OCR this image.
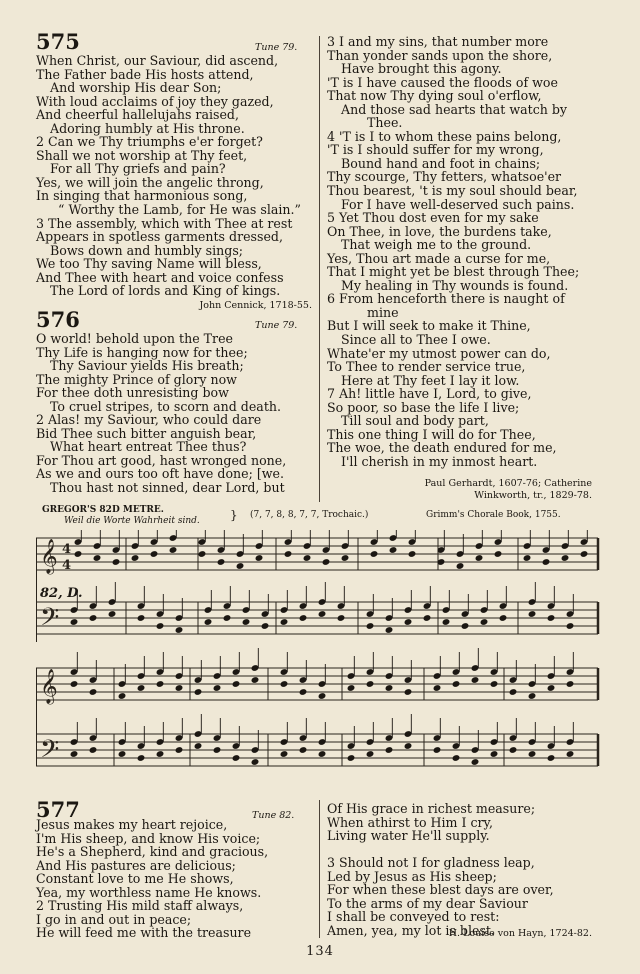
575
When Christ, our Saviour, did ascend,
The Father bade His hosts attend,
And worship His dear Son;
With loud acclaims of joy they gazed,
And cheerful hallelujahs raised,
Adoring humbly at His throne.
2 Can we Thy triumphs e'er forget?
Shall we not worship at Thy feet,
For all Thy griefs and pain?
Yes, we will join the angelic throng,
In singing that harmonious song,
“ Worthy the Lamb, for He was slain.”
3 The assembly, which with Thee at rest
Appears in spotless garments dressed,
Bows down and humbly sings;
We too Thy saving Name will bless,
And Thee with heart and voice confess
The Lord of lords and King of kings.
Tune 79.
John Cennick, 1718-55.
576
O world! behold upon the Tree
Thy Life is hanging now for thee;
Thy Saviour yields His breath;
The mighty Prince of glory now
For thee doth unresisting bow
To cruel stripes, to scorn and death.
2 Alas! my Saviour, who could dare
Bid Thee such bitter anguish bear,
What heart entreat Thee thus?
For Thou art good, hast wronged none,
As we and ours too oft have done; [we.
Thou hast not sinned, dear Lord, but
Tune 79.
3 I and my sins, that number more
Than yonder sands upon the shore,
Have brought this agony.
'T is I have caused the floods of woe
That now Thy dying soul o'erflow,
And those sad hearts that watch by
Thee.
4 'T is I to whom these pains belong,
'T is I should suffer for my wrong,
Bound hand and foot in chains;
Thy scourge, Thy fetters, whatsoe'er
Thou bearest, 't is my soul should bear,
For I have well-deserved such pains.
5 Yet Thou dost even for my sake
On Thee, in love, the burdens take,
That weigh me to the ground.
Yes, Thou art made a curse for me,
That I might yet be blest through Thee;
My healing in Thy wounds is found.
6 From henceforth there is naught of
mine
But I will seek to make it Thine,
Since all to Thee I owe.
Whate'er my utmost power can do,
To Thee to render service true,
Here at Thy feet I lay it low.
7 Ah! little have I, Lord, to give,
So poor, so base the life I live;
Till soul and body part,
This one thing I will do for Thee,
The woe, the death endured for me,
I'll cherish in my inmost heart.
Paul Gerhardt, 1607-76; Catherine
Winkworth, tr., 1829-78.
GREGOR'S 82D METRE.
Weil die Worte Wahrheit sind.	} (7, 7, 8, 8, 7, 7, Trochaic.)	Grimm's Chorale Book, 1755.
82, D.
𝄞 4
4
𝄢
𝄞
𝄢
577	Tune 82.
Jesus makes my heart rejoice,
I'm His sheep, and know His voice;
He's a Shepherd, kind and gracious,
And His pastures are delicious;
Constant love to me He shows,
Yea, my worthless name He knows.
2 Trusting His mild staff always,
I go in and out in peace;
He will feed me with the treasure
Of His grace in richest measure;
When athirst to Him I cry,
Living water He'll supply.

3 Should not I for gladness leap,
Led by Jesus as His sheep;
For when these blest days are over,
To the arms of my dear Saviour
I shall be conveyed to rest:
Amen, yea, my lot is blest.
H. Louise von Hayn, 1724-82.
134
